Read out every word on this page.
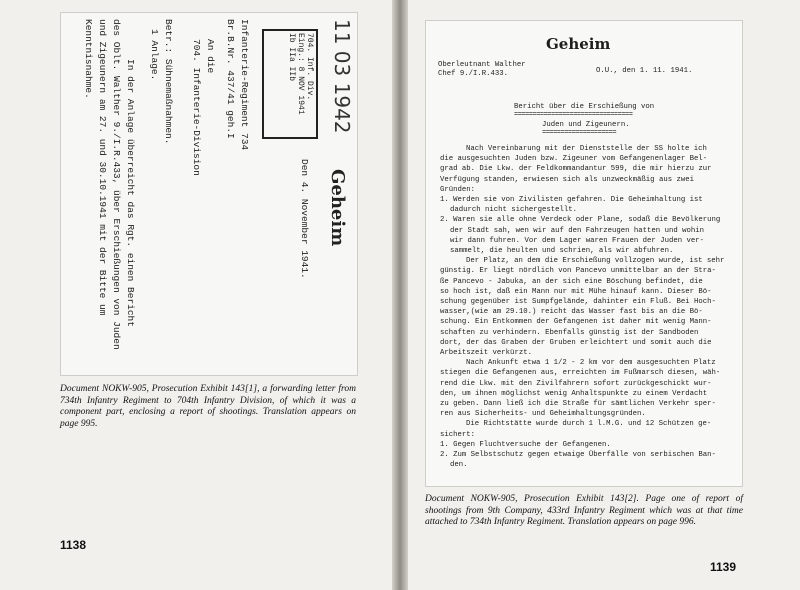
11 03 1942
Geheim
704. Inf. Div.
Eing.: 8 NOV 1941
Ib IIa IIb
Den 4. November 1941.
Infanterie-Regiment 734
Br.B.Nr. 437/41 geh.I
An die
704. Infanterie-Division
Betr.: Sühnemaßnahmen.
1 Anlage.
In der Anlage überreicht das Rgt. einen Bericht
des Oblt. Walther 9./I.R.433, über Erschießungen von Juden
und Zigeunern am 27. und 30.10.1941 mit der Bitte um
Kenntnisnahme.
Document NOKW-905, Prosecution Exhibit 143[1], a forwarding letter from 734th Infantry Regiment to 704th Infantry Division, of which it was a component part, enclosing a report of shootings. Translation appears on page 995.
1138
Geheim
Oberleutnant Walther
Chef 9./I.R.433.	O.U., den 1. 11. 1941.
Bericht über die Erschießung von
================================
Juden und Zigeunern.
====================
Nach Vereinbarung mit der Dienststelle der SS holte ich
die ausgesuchten Juden bzw. Zigeuner vom Gefangenenlager Bel-
grad ab. Die Lkw. der Feldkommandantur 599, die mir hierzu zur
Verfügung standen, erwiesen sich als unzweckmäßig aus zwei
Gründen:
1. Werden sie von Zivilisten gefahren. Die Geheimhaltung ist
dadurch nicht sichergestellt.
2. Waren sie alle ohne Verdeck oder Plane, sodaß die Bevölkerung
der Stadt sah, wen wir auf den Fahrzeugen hatten und wohin
wir dann fuhren. Vor dem Lager waren Frauen der Juden ver-
sammelt, die heulten und schrien, als wir abfuhren.
Der Platz, an dem die Erschießung vollzogen wurde, ist sehr
günstig. Er liegt nördlich von Pancevo unmittelbar an der Stra-
ße Pancevo - Jabuka, an der sich eine Böschung befindet, die
so hoch ist, daß ein Mann nur mit Mühe hinauf kann. Dieser Bö-
schung gegenüber ist Sumpfgelände, dahinter ein Fluß. Bei Hoch-
wasser,(wie am 29.10.) reicht das Wasser fast bis an die Bö-
schung. Ein Entkommen der Gefangenen ist daher mit wenig Mann-
schaften zu verhindern. Ebenfalls günstig ist der Sandboden
dort, der das Graben der Gruben erleichtert und somit auch die
Arbeitszeit verkürzt.
Nach Ankunft etwa 1 1/2 - 2 km vor dem ausgesuchten Platz
stiegen die Gefangenen aus, erreichten im Fußmarsch diesen, wäh-
rend die Lkw. mit den Zivilfahrern sofort zurückgeschickt wur-
den, um ihnen möglichst wenig Anhaltspunkte zu einem Verdacht
zu geben. Dann ließ ich die Straße für sämtlichen Verkehr sper-
ren aus Sicherheits- und Geheimhaltungsgründen.
Die Richtstätte wurde durch 1 l.M.G. und 12 Schützen ge-
sichert:
1. Gegen Fluchtversuche der Gefangenen.
2. Zum Selbstschutz gegen etwaige Überfälle von serbischen Ban-
den.
Document NOKW-905, Prosecution Exhibit 143[2]. Page one of report of shootings from 9th Company, 433rd Infantry Regiment which was at that time attached to 734th Infantry Regiment. Translation appears on page 996.
1139
